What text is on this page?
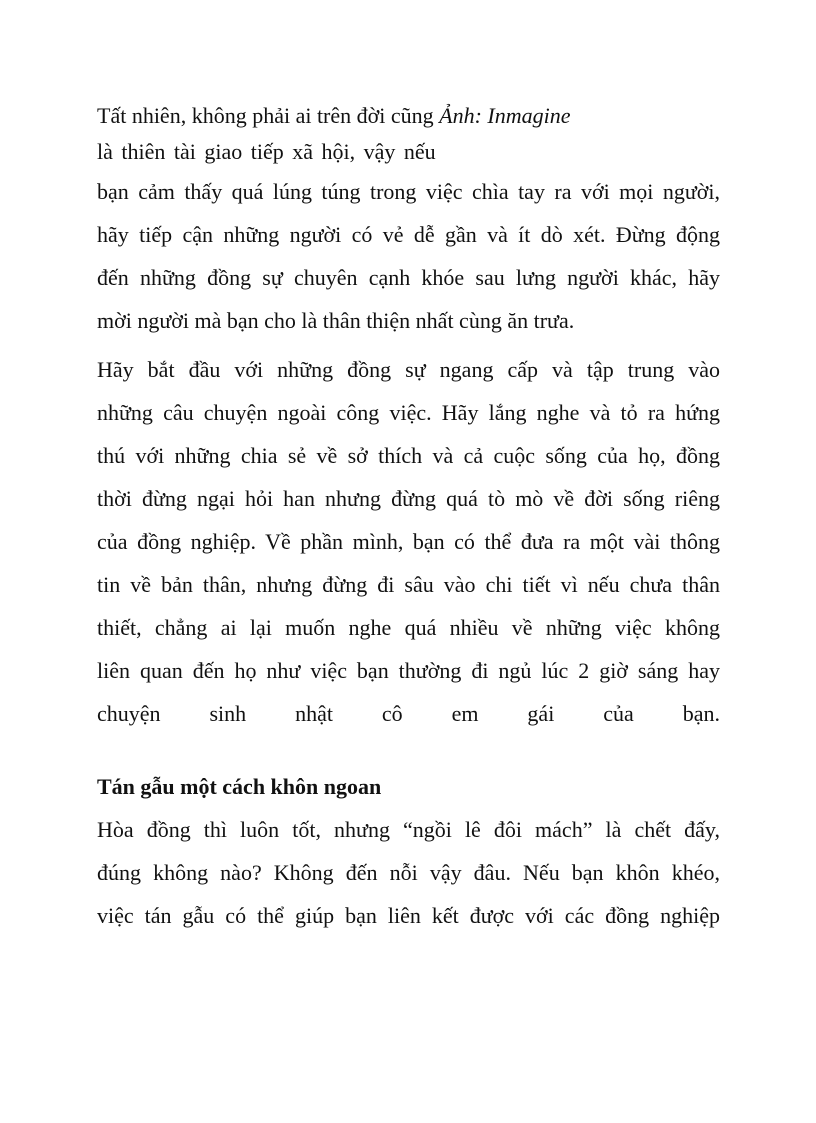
Tất nhiên, không phải ai trên đời cũng Ảnh: Inmagine
là thiên tài giao tiếp xã hội, vậy nếu
bạn cảm thấy quá lúng túng trong việc chìa tay ra với mọi người,
hãy tiếp cận những người có vẻ dễ gần và ít dò xét. Đừng động
đến những đồng sự chuyên cạnh khóe sau lưng người khác, hãy
mời người mà bạn cho là thân thiện nhất cùng ăn trưa.
Hãy bắt đầu với những đồng sự ngang cấp và tập trung vào
những câu chuyện ngoài công việc. Hãy lắng nghe và tỏ ra hứng
thú với những chia sẻ về sở thích và cả cuộc sống của họ, đồng
thời đừng ngại hỏi han nhưng đừng quá tò mò về đời sống riêng
của đồng nghiệp. Về phần mình, bạn có thể đưa ra một vài thông
tin về bản thân, nhưng đừng đi sâu vào chi tiết vì nếu chưa thân
thiết, chẳng ai lại muốn nghe quá nhiều về những việc không
liên quan đến họ như việc bạn thường đi ngủ lúc 2 giờ sáng hay
chuyện sinh nhật cô em gái của bạn.
Tán gẫu một cách khôn ngoan
Hòa đồng thì luôn tốt, nhưng “ngồi lê đôi mách” là chết đấy,
đúng không nào? Không đến nỗi vậy đâu. Nếu bạn khôn khéo,
việc tán gẫu có thể giúp bạn liên kết được với các đồng nghiệp
